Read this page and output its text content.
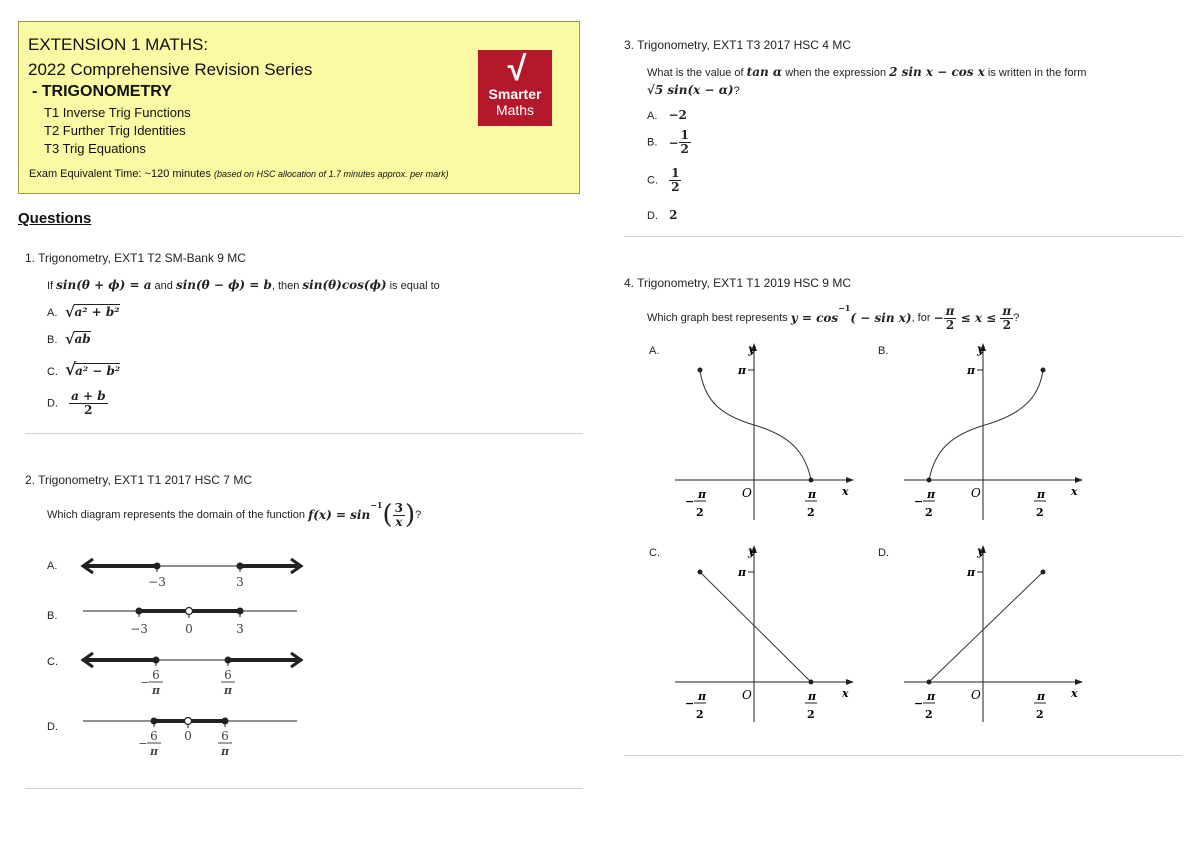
EXTENSION 1 MATHS:
2022 Comprehensive Revision Series
- TRIGONOMETRY
T1 Inverse Trig Functions
T2 Further Trig Identities
T3 Trig Equations
Exam Equivalent Time: ~120 minutes (based on HSC allocation of 1.7 minutes approx. per mark)
√
Smarter
Maths
Questions
1. Trigonometry, EXT1 T2 SM-Bank 9 MC
If sin(θ + ϕ) = a and sin(θ − ϕ) = b, then sin(θ)cos(ϕ) is equal to
A. a² + b²
√
B. ab
√
C. a² − b²
√
D. $\frac{a + b}{2}$
2. Trigonometry, EXT1 T1 2017 HSC 7 MC
Which diagram represents the domain of the function $f(x) = \sin^{-1}( \frac{3}{x}$ )?
A.
B.
C.
D.
−3	3
−3	0	3
6
−
π
6
π
6
−
π
0 6
π
3. Trigonometry, EXT1 T3 2017 HSC 4 MC
What is the value of tan α when the expression 2 sin x − cos x is written in the form
√5 sin(x − α)?
A. −2
B. − $\frac{1}{2}$
C. $\frac{1}{2}$
D. 2
4. Trigonometry, EXT1 T1 2019 HSC 9 MC
Which graph best represents $y = \cos^{-1}( - \sin x)$, for − $\frac{\pi}{2} \le x \le \frac{\pi}{2}$ ?
A.	B.
C.	D.
y
x
O
π
π
−
2
π
2
y
x
O
π
π
−
2
π
2
y
x
O
π
π
−
2
π
2
y
x
O
π
π
−
2
π
2
